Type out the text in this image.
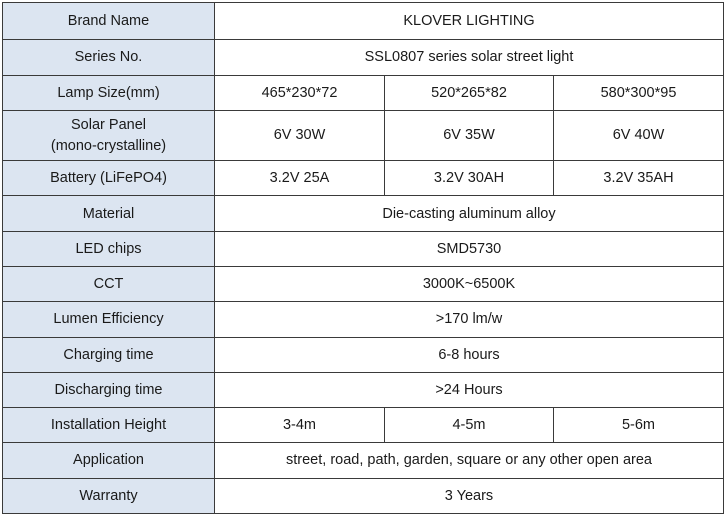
Brand Name	KLOVER LIGHTING		
Series No.	SSL0807 series solar street light		
Lamp Size(mm)	465*230*72	520*265*82	580*300*95
Solar Panel
(mono-crystalline)	6V 30W	6V 35W	6V 40W
Battery (LiFePO4)	3.2V 25A	3.2V 30AH	3.2V 35AH
Material	Die-casting aluminum alloy		
LED chips	SMD5730		
CCT	3000K~6500K		
Lumen Efficiency	>170 lm/w		
Charging time	6-8 hours		
Discharging time	>24 Hours		
Installation Height	3-4m	4-5m	5-6m
Application	street, road, path, garden, square or any other open area		
Warranty	3 Years		
